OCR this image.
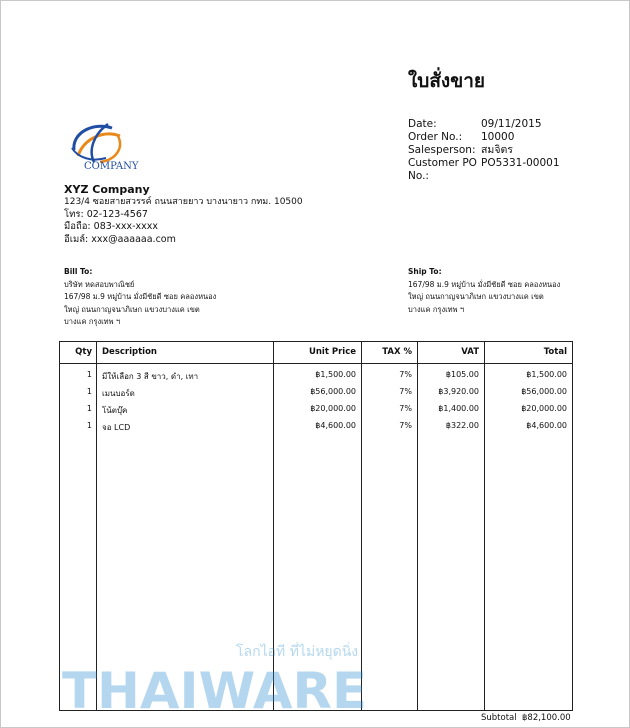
ใบสั่งขาย
Date:	09/11/2015
Order No.:	10000
Salesperson: สมจิตร
Customer PO PO5331-00001
No.:
COMPANY
XYZ Company
123/4 ซอยสายสวรรค์ ถนนสายยาว บางนายาว กทม. 10500
โทร: 02-123-4567
มือถือ: 083-xxx-xxxx
อีเมล์: xxx@aaaaaa.com
Bill To:
บริษัท หดสอบพาณิชย์
167/98 ม.9 หมู่บ้าน มั่งมีชัยดี ซอย คลองหนอง
ใหญ่ ถนนกาญจนาภิเษก แขวงบางแค เขต
บางแค กรุงเทพ ฯ
Ship To:
167/98 ม.9 หมู่บ้าน มั่งมีชัยดี ซอย คลองหนอง
ใหญ่ ถนนกาญจนาภิเษก แขวงบางแค เขต
บางแค กรุงเทพ ฯ
Qty Description	Unit Price	TAX %	VAT	Total
1 มีให้เลือก 3 สี ขาว, ดำ, เทา	฿1,500.00	7%	฿105.00	฿1,500.00
1 เมนบอร์ด	฿56,000.00	7%	฿3,920.00	฿56,000.00
1 โน้ตบุ๊ค	฿20,000.00	7%	฿1,400.00	฿20,000.00
1 จอ LCD	฿4,600.00	7%	฿322.00	฿4,600.00
Subtotal ฿82,100.00
โลกไอที ที่ไม่หยุดนิ่ง
THAIWARE
